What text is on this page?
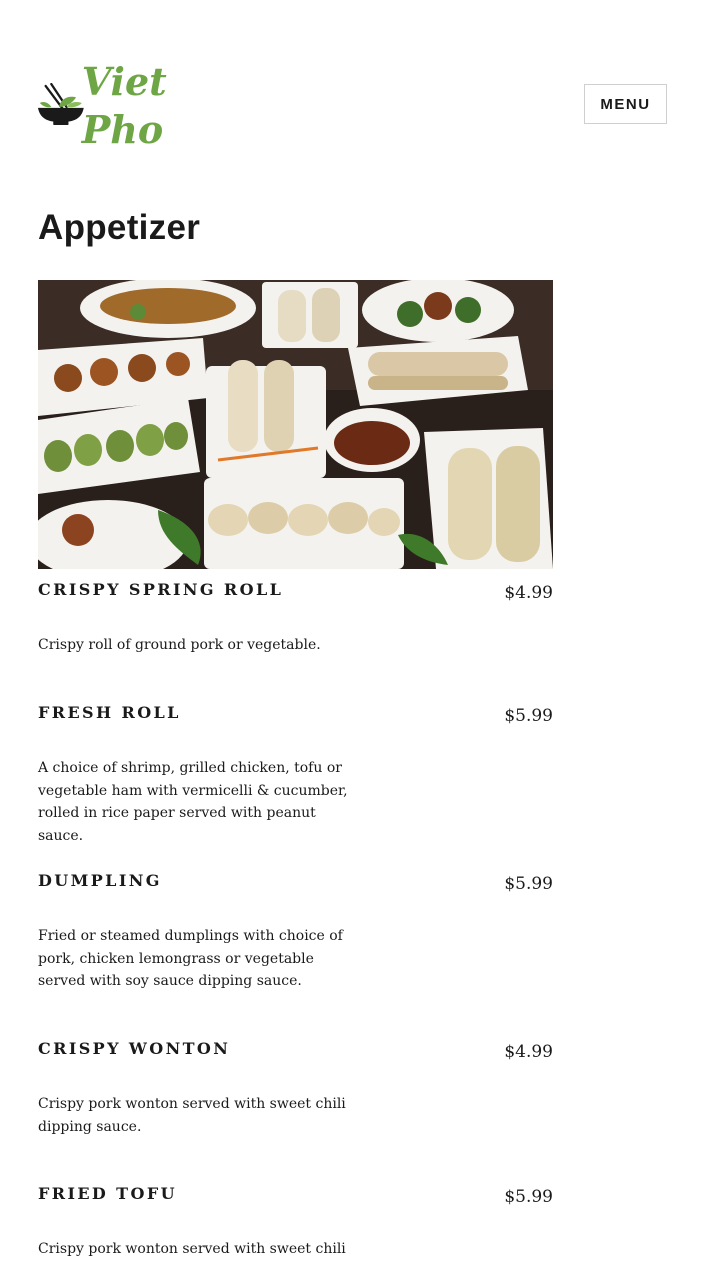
Viet Pho
MENU
Appetizer
CRISPY SPRING ROLL	$4.99
Crispy roll of ground pork or vegetable.
FRESH ROLL	$5.99
A choice of shrimp, grilled chicken, tofu or vegetable ham with vermicelli & cucumber, rolled in rice paper served with peanut sauce.
DUMPLING	$5.99
Fried or steamed dumplings with choice of pork, chicken lemongrass or vegetable served with soy sauce dipping sauce.
CRISPY WONTON	$4.99
Crispy pork wonton served with sweet chili dipping sauce.
FRIED TOFU	$5.99
Crispy pork wonton served with sweet chili
